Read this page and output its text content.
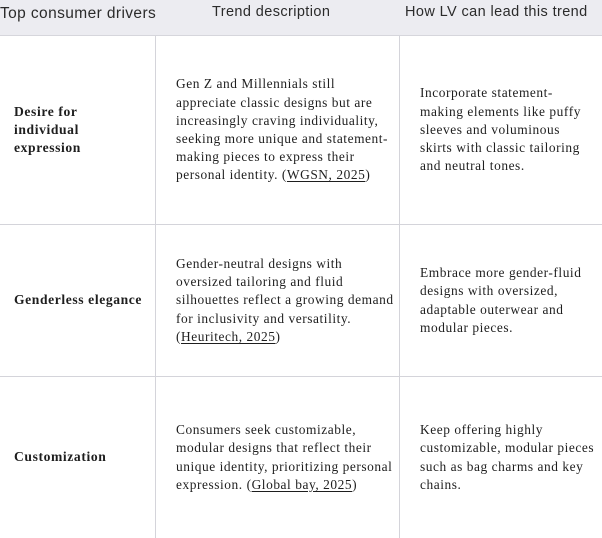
Top consumer drivers	Trend description	How LV can lead this trend
Desire for individual expression
Gen Z and Millennials still appreciate classic designs but are increasingly craving individuality, seeking more unique and statement-making pieces to express their personal identity. (WGSN, 2025)
Incorporate statement-making elements like puffy sleeves and voluminous skirts with classic tailoring and neutral tones.
Genderless elegance
Gender-neutral designs with oversized tailoring and fluid silhouettes reflect a growing demand for inclusivity and versatility. (Heuritech, 2025)
Embrace more gender-fluid designs with oversized, adaptable outerwear and modular pieces.
Customization
Consumers seek customizable, modular designs that reflect their unique identity, prioritizing personal expression. (Global bay, 2025)
Keep offering highly customizable, modular pieces such as bag charms and key chains.
